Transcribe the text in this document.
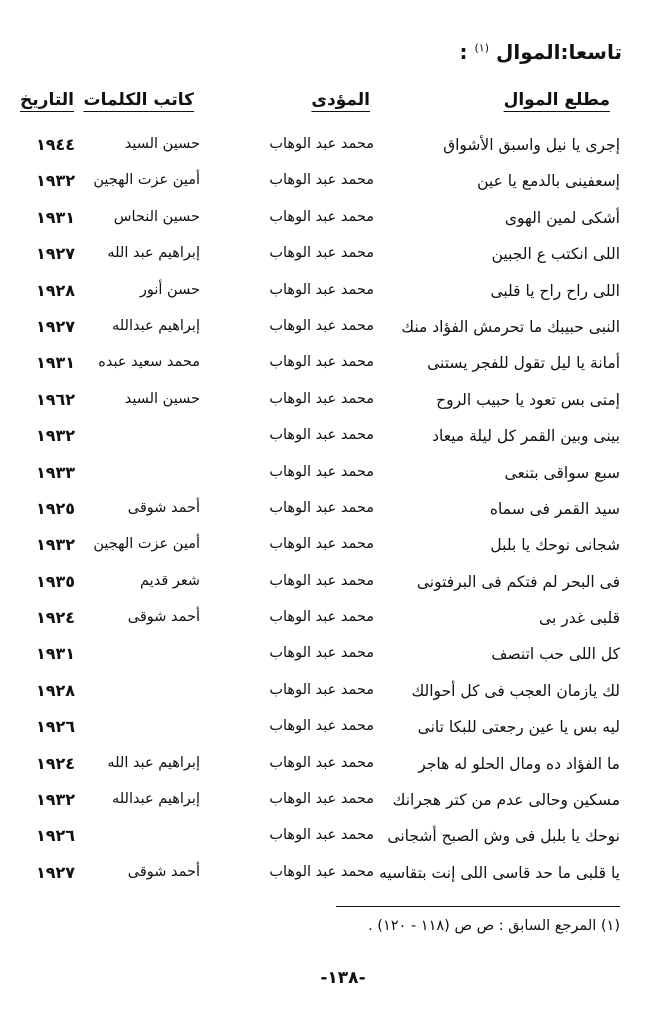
تاسعا:الموال $^{(١)}$ :
مطلع الموال
المؤدى
كاتب الكلمات
التاريخ
إجرى يا نيل واسبق الأشواق
محمد عبد الوهاب
حسين السيد
١٩٤٤
إسعفينى بالدمع يا عين
محمد عبد الوهاب
أمين عزت الهجين
١٩٣٢
أشكى لمين الهوى
محمد عبد الوهاب
حسين النحاس
١٩٣١
اللى انكتب ع الجبين
محمد عبد الوهاب
إبراهيم عبد الله
١٩٢٧
اللى راح راح يا قلبى
محمد عبد الوهاب
حسن أنور
١٩٢٨
النبى حبيبك ما تحرمش الفؤاد منك
محمد عبد الوهاب
إبراهيم عبدالله
١٩٢٧
أمانة يا ليل تقول للفجر يستنى
محمد عبد الوهاب
محمد سعيد عبده
١٩٣١
إمتى بس تعود يا حبيب الروح
محمد عبد الوهاب
حسين السيد
١٩٦٢
بينى وبين القمر كل ليلة ميعاد
محمد عبد الوهاب
١٩٣٢
سبع سواقى بتنعى
محمد عبد الوهاب
١٩٣٣
سيد القمر فى سماه
محمد عبد الوهاب
أحمد شوقى
١٩٢٥
شجانى نوحك يا بلبل
محمد عبد الوهاب
أمين عزت الهجين
١٩٣٢
فى البحر لم فتكم فى البرفتونى
محمد عبد الوهاب
شعر قديم
١٩٣٥
قلبى غدر بى
محمد عبد الوهاب
أحمد شوقى
١٩٢٤
كل اللى حب اتنصف
محمد عبد الوهاب
١٩٣١
لك يازمان العجب فى كل أحوالك
محمد عبد الوهاب
١٩٢٨
ليه بس يا عين رجعتى للبكا تانى
محمد عبد الوهاب
١٩٢٦
ما الفؤاد ده ومال الحلو له هاجر
محمد عبد الوهاب
إبراهيم عبد الله
١٩٢٤
مسكين وحالى عدم من كتر هجرانك
محمد عبد الوهاب
إبراهيم عبدالله
١٩٣٢
نوحك يا بلبل فى وش الصبح أشجانى
محمد عبد الوهاب
١٩٢٦
يا قلبى ما حد قاسى اللى إنت بتقاسيه
محمد عبد الوهاب
أحمد شوقى
١٩٢٧
(١) المرجع السابق : ص ص (١١٨ - ١٢٠) .
-١٣٨-
